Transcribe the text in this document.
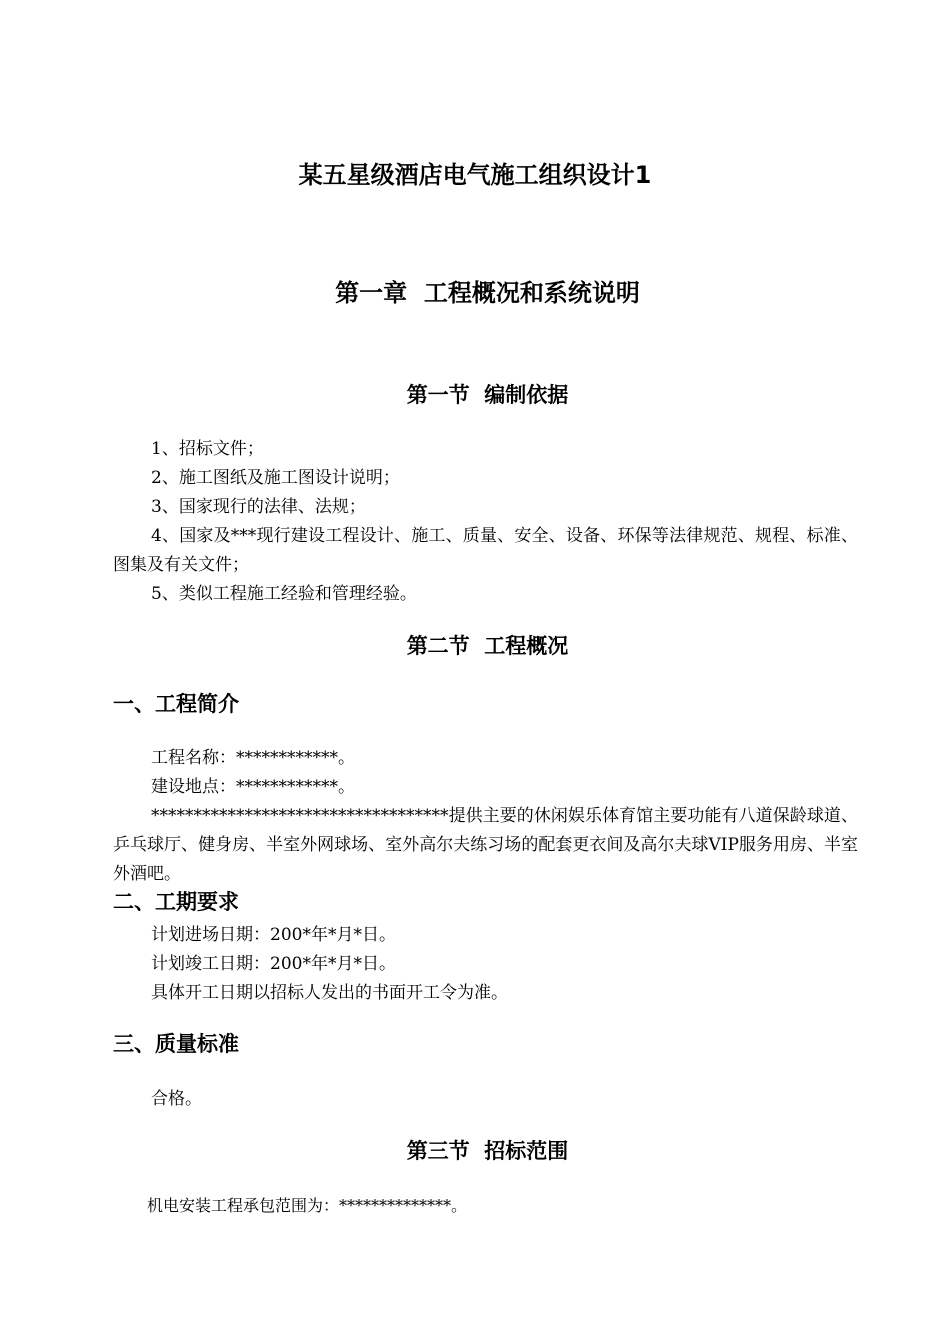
某五星级酒店电气施工组织设计1
第一章  工程概况和系统说明
第一节  编制依据

1、招标文件；

2、施工图纸及施工图设计说明；

3、国家现行的法律、法规；

4、国家及***现行建设工程设计、施工、质量、安全、设备、环保等法律规范、规程、标准、图集及有关文件；

5、类似工程施工经验和管理经验。

第二节  工程概况
一、工程简介

工程名称：************。

建设地点：************。

***********************************提供主要的休闲娱乐体育馆主要功能有八道保龄球道、乒乓球厅、健身房、半室外网球场、室外高尔夫练习场的配套更衣间及高尔夫球VIP服务用房、半室外酒吧。

二、工期要求

计划进场日期：200*年*月*日。

计划竣工日期：200*年*月*日。

具体开工日期以招标人发出的书面开工令为准。

三、质量标准

合格。

第三节  招标范围

机电安装工程承包范围为：**************。
